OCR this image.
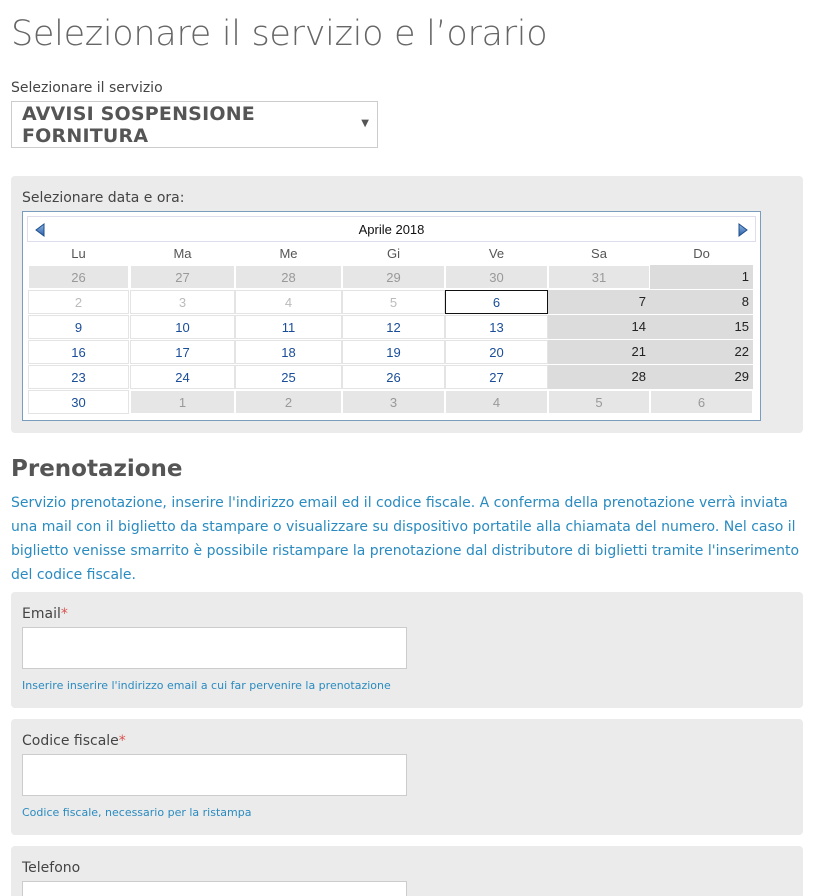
Selezionare il servizio e l’orario
Selezionare il servizio
AVVISI SOSPENSIONE FORNITURA
▼
Selezionare data e ora:
Aprile 2018
Lu	Ma	Me	Gi	Ve	Sa	Do
26	27	28	29	30	31	1
2	3	4	5	6	7	8
9	10	11	12	13	14	15
16	17	18	19	20	21	22
23	24	25	26	27	28	29
30	1	2	3	4	5	6
Prenotazione

Servizio prenotazione, inserire l'indirizzo email ed il codice fiscale. A conferma della prenotazione verrà inviata una mail con il biglietto da stampare o visualizzare su dispositivo portatile alla chiamata del numero. Nel caso il biglietto venisse smarrito è possibile ristampare la prenotazione dal distributore di biglietti tramite l'inserimento del codice fiscale.

Email*
Inserire inserire l'indirizzo email a cui far pervenire la prenotazione
Codice fiscale*
Codice fiscale, necessario per la ristampa
Telefono
